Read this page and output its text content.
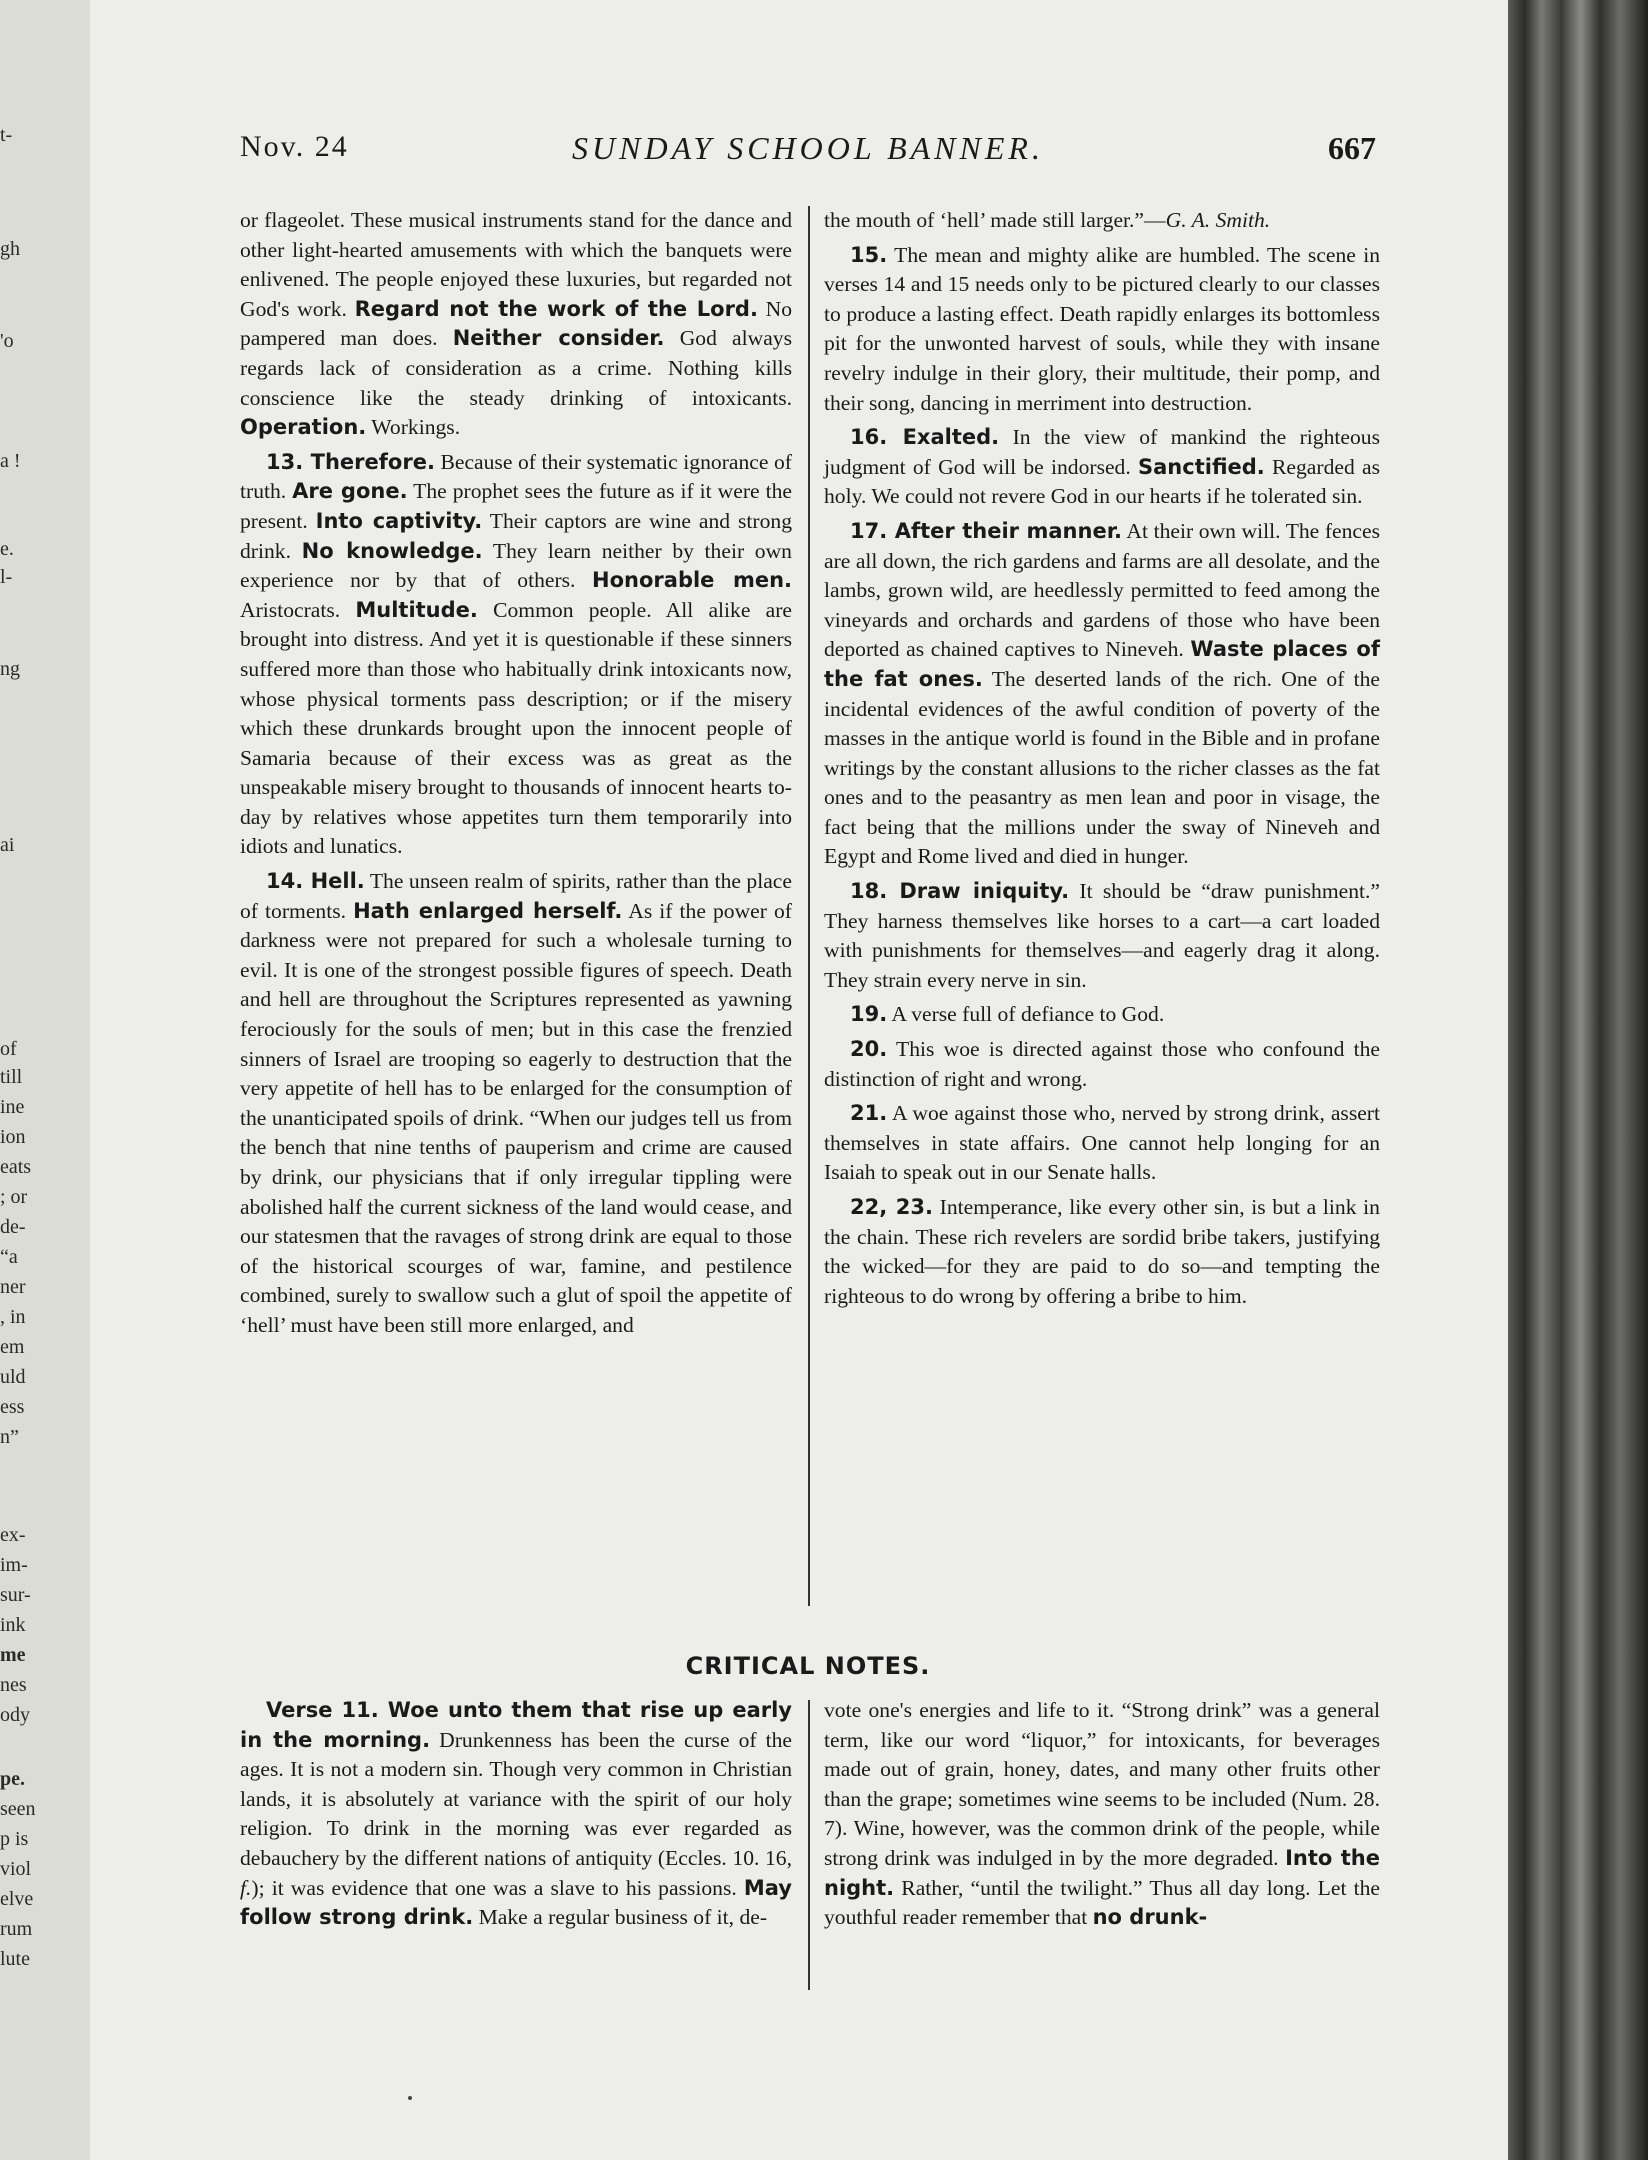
t-
gh
'o
a !
e.
l-
ng
ai
of
till
ine
ion
eats
; or
de-
“a
ner
, in
em
uld
ess
n”
ex-
im-
sur-
ink
me
nes
ody
pe.
seen
p is
viol
elve
rum
lute
Nov. 24	SUNDAY SCHOOL BANNER.	667

or flageolet. These musical instruments stand for the dance and other light-hearted amusements with which the banquets were enlivened. The people enjoyed these luxuries, but regarded not God's work. Regard not the work of the Lord. No pampered man does. Neither consider. God always regards lack of consideration as a crime. Nothing kills conscience like the steady drinking of intoxicants. Operation. Workings.

13. Therefore. Because of their systematic ignorance of truth. Are gone. The prophet sees the future as if it were the present. Into captivity. Their captors are wine and strong drink. No knowledge. They learn neither by their own experience nor by that of others. Honorable men. Aristocrats. Multitude. Common people. All alike are brought into distress. And yet it is questionable if these sinners suffered more than those who habitually drink intoxicants now, whose physical torments pass description; or if the misery which these drunkards brought upon the innocent people of Samaria because of their excess was as great as the unspeakable misery brought to thousands of innocent hearts to-day by relatives whose appetites turn them temporarily into idiots and lunatics.

14. Hell. The unseen realm of spirits, rather than the place of torments. Hath enlarged herself. As if the power of darkness were not prepared for such a wholesale turning to evil. It is one of the strongest possible figures of speech. Death and hell are throughout the Scriptures represented as yawning ferociously for the souls of men; but in this case the frenzied sinners of Israel are trooping so eagerly to destruction that the very appetite of hell has to be enlarged for the consumption of the unanticipated spoils of drink. “When our judges tell us from the bench that nine tenths of pauperism and crime are caused by drink, our physicians that if only irregular tippling were abolished half the current sickness of the land would cease, and our statesmen that the ravages of strong drink are equal to those of the historical scourges of war, famine, and pestilence combined, surely to swallow such a glut of spoil the appetite of ‘hell’ must have been still more enlarged, and

the mouth of ‘hell’ made still larger.”—G. A. Smith.

15. The mean and mighty alike are humbled. The scene in verses 14 and 15 needs only to be pictured clearly to our classes to produce a lasting effect. Death rapidly enlarges its bottomless pit for the unwonted harvest of souls, while they with insane revelry indulge in their glory, their multitude, their pomp, and their song, dancing in merriment into destruction.

16. Exalted. In the view of mankind the righteous judgment of God will be indorsed. Sanctified. Regarded as holy. We could not revere God in our hearts if he tolerated sin.

17. After their manner. At their own will. The fences are all down, the rich gardens and farms are all desolate, and the lambs, grown wild, are heedlessly permitted to feed among the vineyards and orchards and gardens of those who have been deported as chained captives to Nineveh. Waste places of the fat ones. The deserted lands of the rich. One of the incidental evidences of the awful condition of poverty of the masses in the antique world is found in the Bible and in profane writings by the constant allusions to the richer classes as the fat ones and to the peasantry as men lean and poor in visage, the fact being that the millions under the sway of Nineveh and Egypt and Rome lived and died in hunger.

18. Draw iniquity. It should be “draw punishment.” They harness themselves like horses to a cart—a cart loaded with punishments for themselves—and eagerly drag it along. They strain every nerve in sin.

19. A verse full of defiance to God.

20. This woe is directed against those who confound the distinction of right and wrong.

21. A woe against those who, nerved by strong drink, assert themselves in state affairs. One cannot help longing for an Isaiah to speak out in our Senate halls.

22, 23. Intemperance, like every other sin, is but a link in the chain. These rich revelers are sordid bribe takers, justifying the wicked—for they are paid to do so—and tempting the righteous to do wrong by offering a bribe to him.

CRITICAL NOTES.

Verse 11. Woe unto them that rise up early in the morning. Drunkenness has been the curse of the ages. It is not a modern sin. Though very common in Christian lands, it is absolutely at variance with the spirit of our holy religion. To drink in the morning was ever regarded as debauchery by the different nations of antiquity (Eccles. 10. 16, f.); it was evidence that one was a slave to his passions. May follow strong drink. Make a regular business of it, de-

vote one's energies and life to it. “Strong drink” was a general term, like our word “liquor,” for intoxicants, for beverages made out of grain, honey, dates, and many other fruits other than the grape; sometimes wine seems to be included (Num. 28. 7). Wine, however, was the common drink of the people, while strong drink was indulged in by the more degraded. Into the night. Rather, “until the twilight.” Thus all day long. Let the youthful reader remember that no drunk-
